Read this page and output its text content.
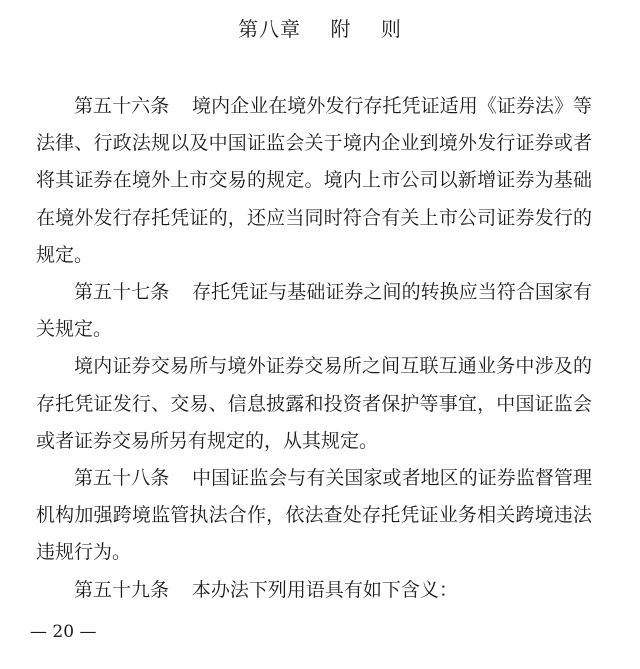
第八章    附    则

第五十六条 境内企业在境外发行存托凭证适用《证券法》等法律、行政法规以及中国证监会关于境内企业到境外发行证券或者将其证券在境外上市交易的规定。境内上市公司以新增证券为基础在境外发行存托凭证的，还应当同时符合有关上市公司证券发行的规定。

第五十七条 存托凭证与基础证券之间的转换应当符合国家有关规定。

境内证券交易所与境外证券交易所之间互联互通业务中涉及的存托凭证发行、交易、信息披露和投资者保护等事宜，中国证监会或者证券交易所另有规定的，从其规定。

第五十八条 中国证监会与有关国家或者地区的证券监督管理机构加强跨境监管执法合作，依法查处存托凭证业务相关跨境违法违规行为。

第五十九条 本办法下列用语具有如下含义：

— 20 —
